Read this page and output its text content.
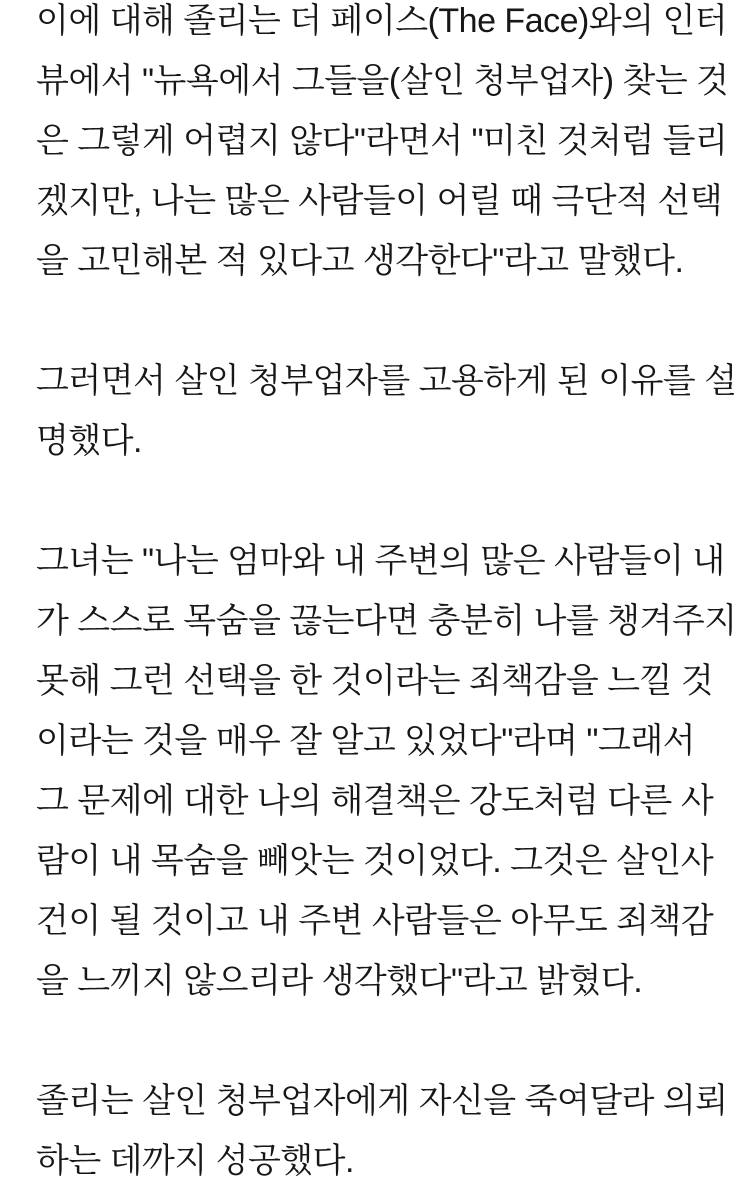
이에 대해 졸리는 더 페이스(The Face)와의 인터
뷰에서 "뉴욕에서 그들을(살인 청부업자) 찾는 것
은 그렇게 어렵지 않다"라면서 "미친 것처럼 들리
겠지만, 나는 많은 사람들이 어릴 때 극단적 선택
을 고민해본 적 있다고 생각한다"라고 말했다.

그러면서 살인 청부업자를 고용하게 된 이유를 설
명했다.

그녀는 "나는 엄마와 내 주변의 많은 사람들이 내
가 스스로 목숨을 끊는다면 충분히 나를 챙겨주지
못해 그런 선택을 한 것이라는 죄책감을 느낄 것
이라는 것을 매우 잘 알고 있었다"라며 "그래서
그 문제에 대한 나의 해결책은 강도처럼 다른 사
람이 내 목숨을 빼앗는 것이었다. 그것은 살인사
건이 될 것이고 내 주변 사람들은 아무도 죄책감
을 느끼지 않으리라 생각했다"라고 밝혔다.

졸리는 살인 청부업자에게 자신을 죽여달라 의뢰
하는 데까지 성공했다.
